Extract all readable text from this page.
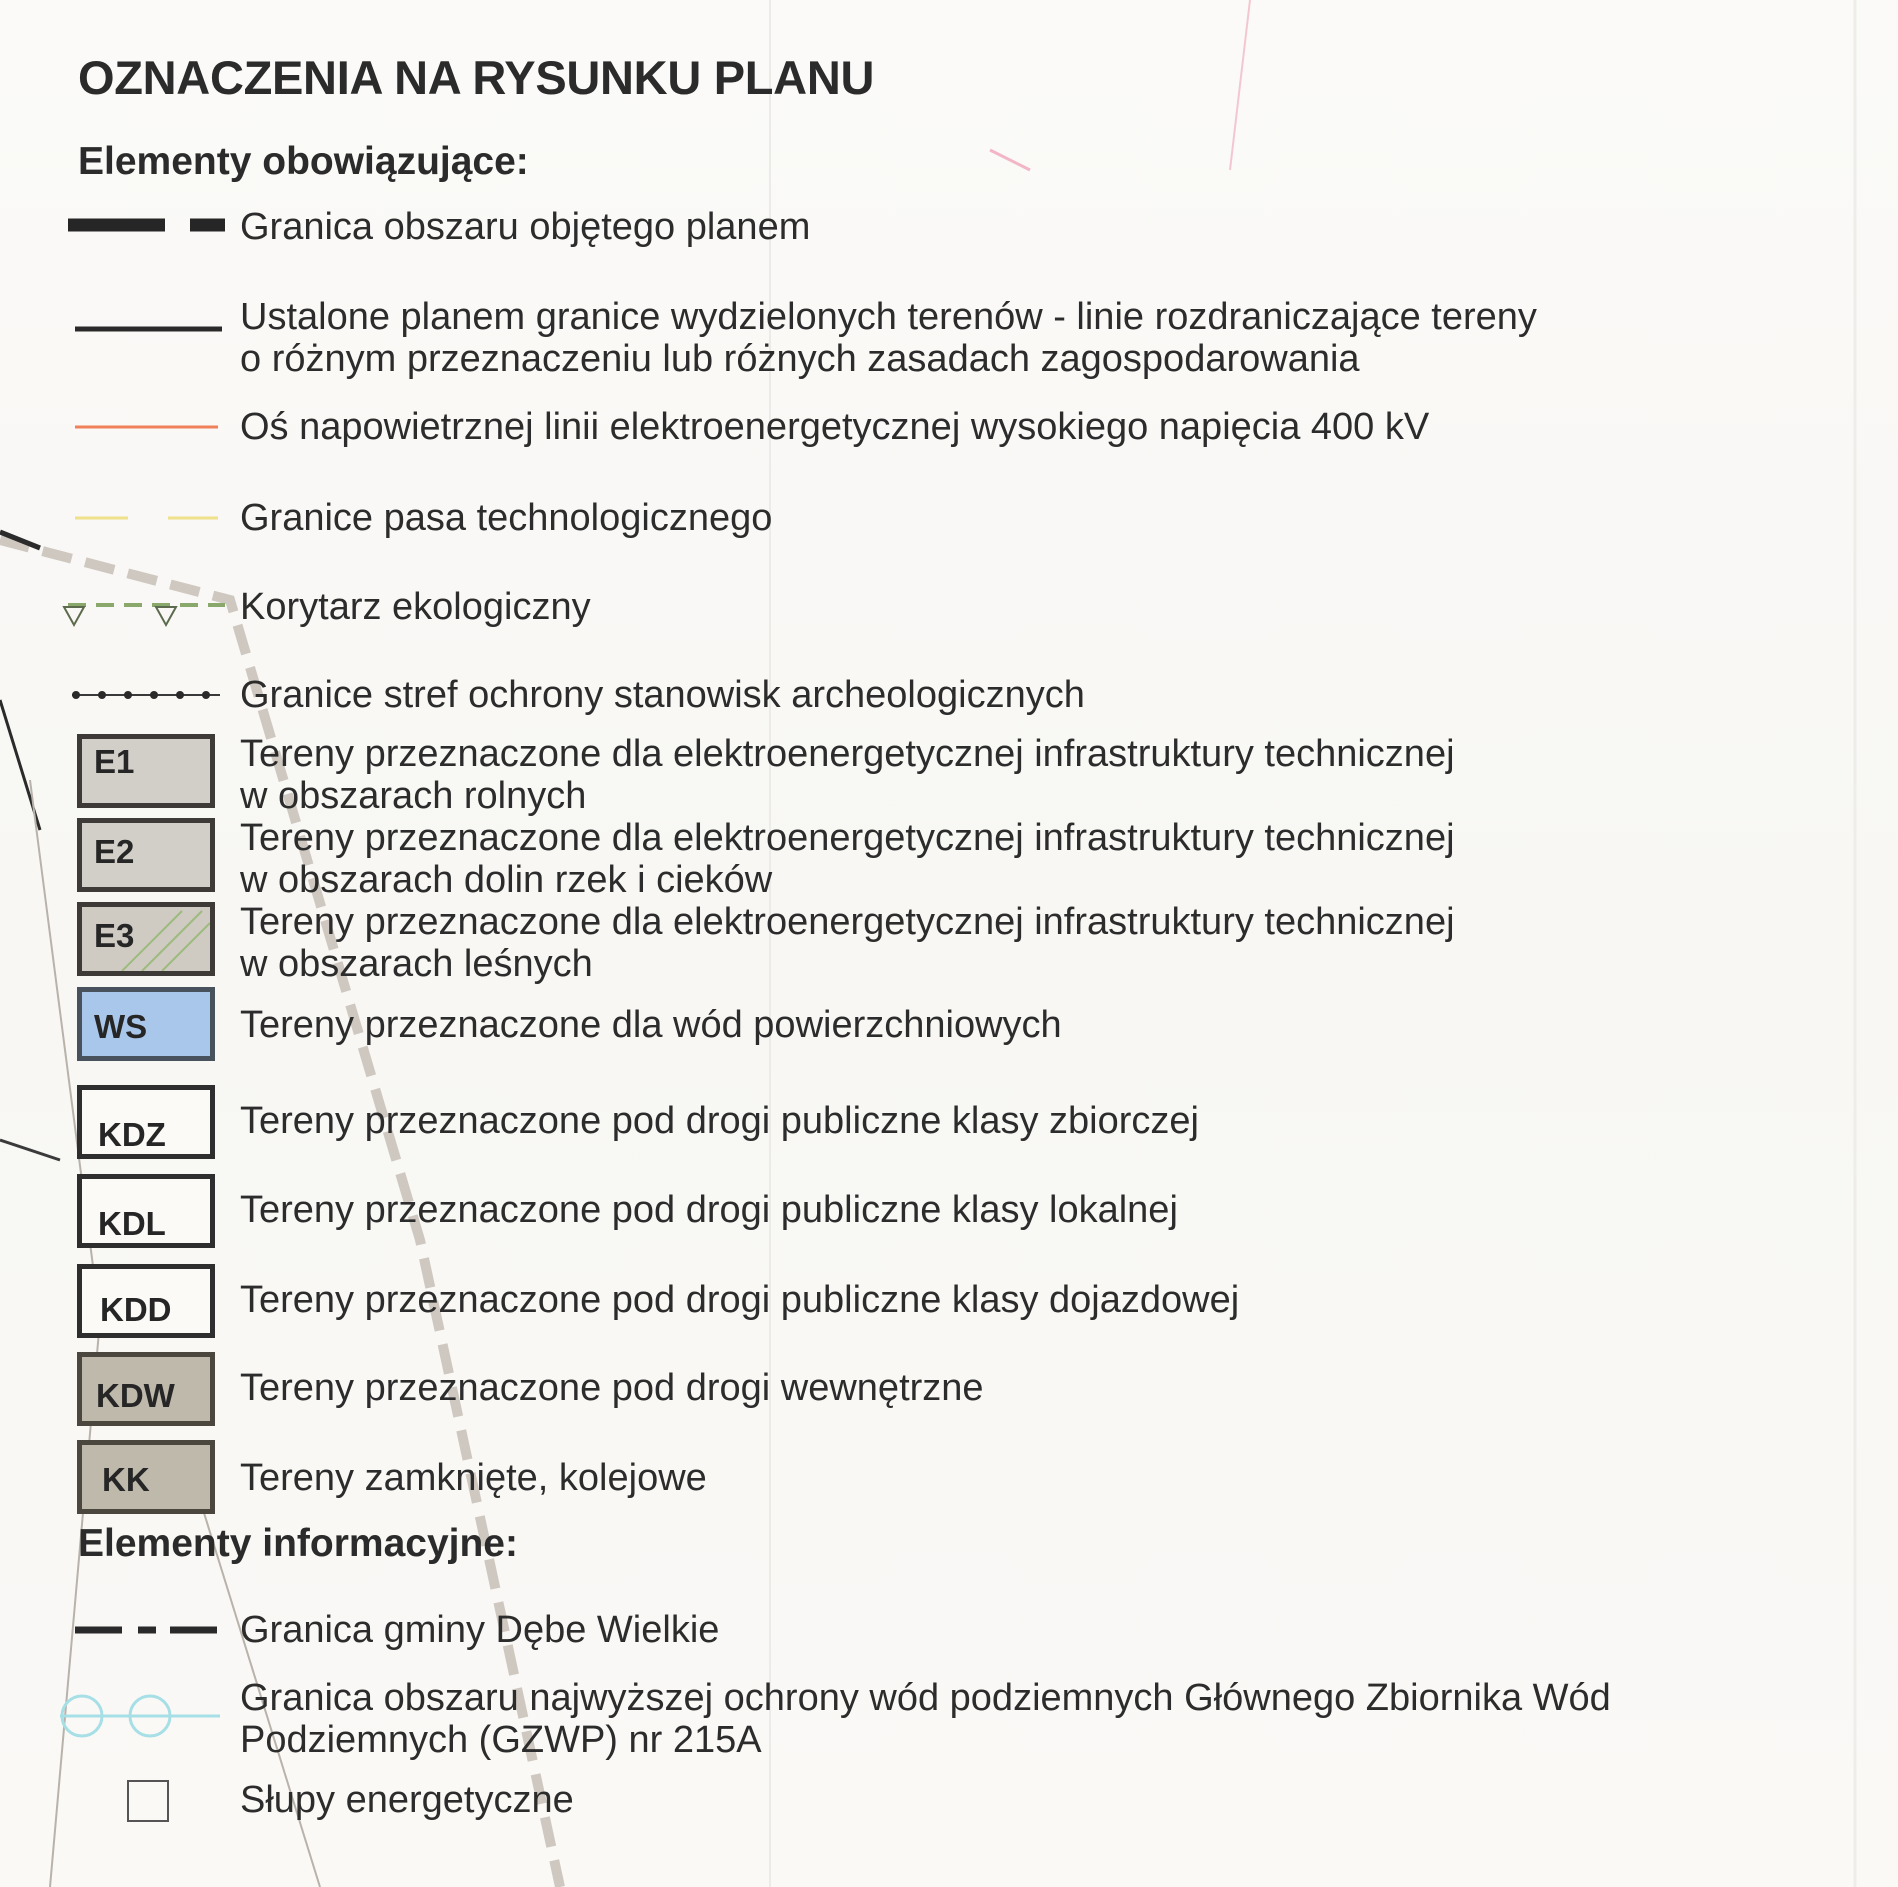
OZNACZENIA NA RYSUNKU PLANU
Elementy obowiązujące:
Granica obszaru objętego planem
Ustalone planem granice wydzielonych terenów - linie rozdraniczające tereny
o różnym przeznaczeniu lub różnych zasadach zagospodarowania
Oś napowietrznej linii elektroenergetycznej wysokiego napięcia 400 kV
Granice pasa technologicznego
Korytarz ekologiczny
Granice stref ochrony stanowisk archeologicznych
E1	Tereny przeznaczone dla elektroenergetycznej infrastruktury technicznej
w obszarach rolnych
E2	Tereny przeznaczone dla elektroenergetycznej infrastruktury technicznej
w obszarach dolin rzek i cieków
E3	Tereny przeznaczone dla elektroenergetycznej infrastruktury technicznej
w obszarach leśnych
WS Tereny przeznaczone dla wód powierzchniowych
KDZ Tereny przeznaczone pod drogi publiczne klasy zbiorczej
KDL Tereny przeznaczone pod drogi publiczne klasy lokalnej
KDD Tereny przeznaczone pod drogi publiczne klasy dojazdowej
KDW Tereny przeznaczone pod drogi wewnętrzne
KK Tereny zamknięte, kolejowe
Elementy informacyjne:
Granica gminy Dębe Wielkie
Granica obszaru najwyższej ochrony wód podziemnych Głównego Zbiornika Wód
Podziemnych (GZWP) nr 215A
Słupy energetyczne
